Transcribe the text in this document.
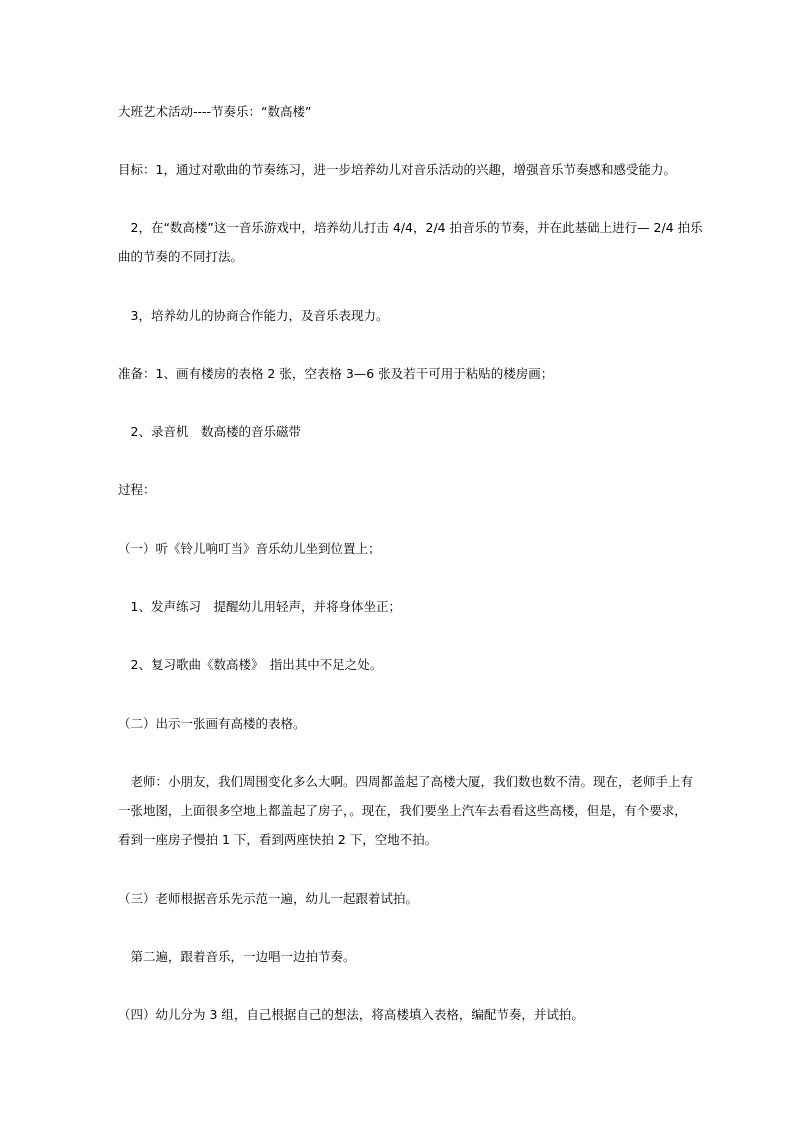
大班艺术活动----节奏乐：“数高楼”
目标：1，通过对歌曲的节奏练习，进一步培养幼儿对音乐活动的兴趣，增强音乐节奏感和感受能力。
　2，在“数高楼”这一音乐游戏中，培养幼儿打击 4/4，2/4 拍音乐的节奏，并在此基础上进行— 2/4 拍乐
曲的节奏的不同打法。
　3，培养幼儿的协商合作能力，及音乐表现力。
准备：1、画有楼房的表格 2 张，空表格 3—6 张及若干可用于粘贴的楼房画；
　2、录音机　数高楼的音乐磁带
过程：
（一）听《铃儿响叮当》音乐幼儿坐到位置上；
　1、发声练习　提醒幼儿用轻声，并将身体坐正；
　2、复习歌曲《数高楼》　指出其中不足之处。
（二）出示一张画有高楼的表格。
　老师：小朋友，我们周围变化多么大啊。四周都盖起了高楼大厦，我们数也数不清。现在，老师手上有
一张地图，上面很多空地上都盖起了房子，。现在，我们要坐上汽车去看看这些高楼，但是，有个要求，
看到一座房子慢拍 1 下，看到两座快拍 2 下，空地不拍。
（三）老师根据音乐先示范一遍，幼儿一起跟着试拍。
　第二遍，跟着音乐，一边唱一边拍节奏。
（四）幼儿分为 3 组，自己根据自己的想法，将高楼填入表格，编配节奏，并试拍。
